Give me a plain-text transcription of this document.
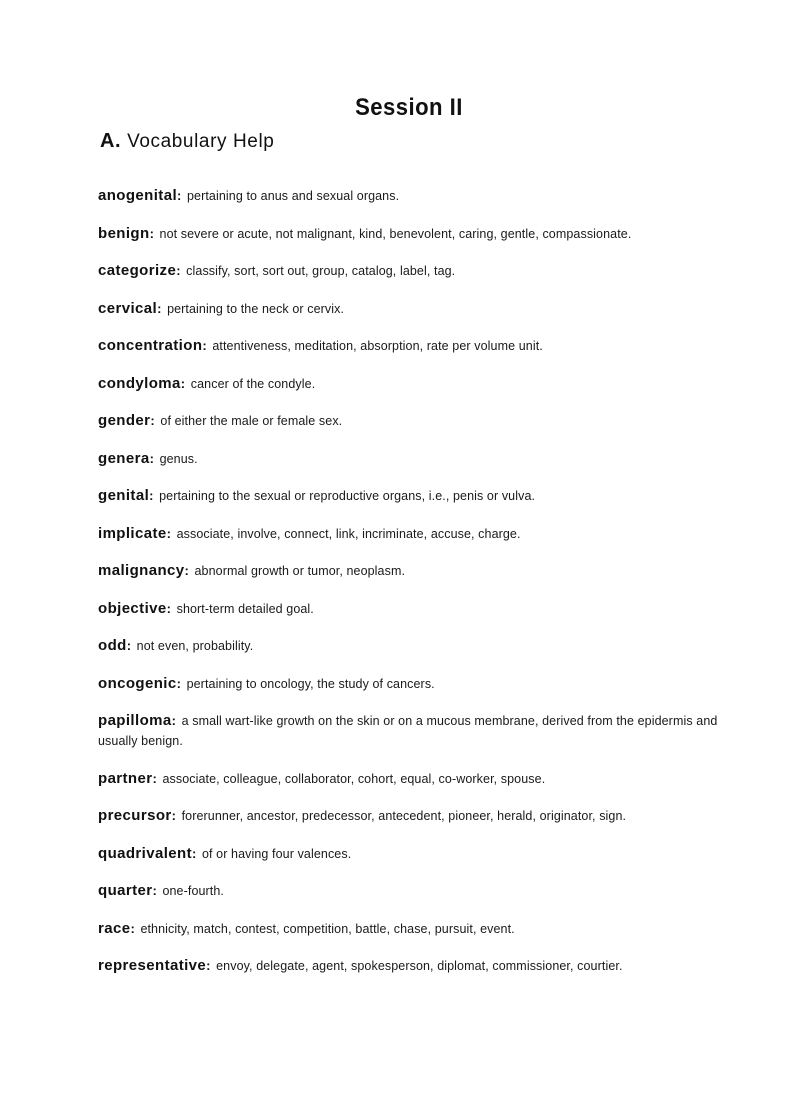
Session II
A. Vocabulary Help
anogenital: pertaining to anus and sexual organs.
benign: not severe or acute, not malignant, kind, benevolent, caring, gentle, compassionate.
categorize: classify, sort, sort out, group, catalog, label, tag.
cervical: pertaining to the neck or cervix.
concentration: attentiveness, meditation, absorption, rate per volume unit.
condyloma: cancer of the condyle.
gender: of either the male or female sex.
genera: genus.
genital: pertaining to the sexual or reproductive organs, i.e., penis or vulva.
implicate: associate, involve, connect, link, incriminate, accuse, charge.
malignancy: abnormal growth or tumor, neoplasm.
objective: short-term detailed goal.
odd: not even, probability.
oncogenic: pertaining to oncology, the study of cancers.
papilloma: a small wart-like growth on the skin or on a mucous membrane, derived from the epidermis and usually benign.
partner: associate, colleague, collaborator, cohort, equal, co-worker, spouse.
precursor: forerunner, ancestor, predecessor, antecedent, pioneer, herald, originator, sign.
quadrivalent: of or having four valences.
quarter: one-fourth.
race: ethnicity, match, contest, competition, battle, chase, pursuit, event.
representative: envoy, delegate, agent, spokesperson, diplomat, commissioner, courtier.
